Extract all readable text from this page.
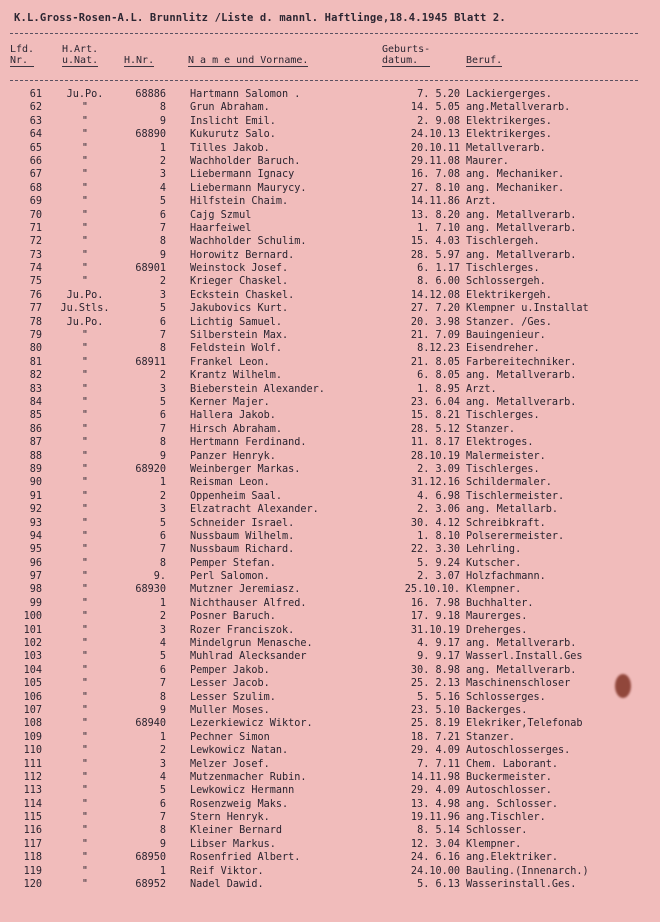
K.L.Gross-Rosen-A.L. Brunnlitz /Liste d. mannl. Haftlinge,18.4.1945 Blatt 2.
Lfd.
Nr.
H.Art.
u.Nat.	H.Nr.	N a m e und Vorname.
Geburts-
datum.	Beruf.
61	Ju.Po.	68886 Hartmann Salomon .	7. 5.20 Lackiergerges.
62	"	8 Grun Abraham.	14. 5.05 ang.Metallverarb.
63	"	9 Inslicht Emil.	2. 9.08 Elektrikerges.
64	"	68890 Kukurutz Salo.	24.10.13 Elektrikerges.
65	"	1 Tilles Jakob.	20.10.11 Metallverarb.
66	"	2 Wachholder Baruch.	29.11.08 Maurer.
67	"	3 Liebermann Ignacy	16. 7.08 ang. Mechaniker.
68	"	4 Liebermann Maurycy.	27. 8.10 ang. Mechaniker.
69	"	5 Hilfstein Chaim.	14.11.86 Arzt.
70	"	6 Cajg Szmul	13. 8.20 ang. Metallverarb.
71	"	7 Haarfeiwel	1. 7.10 ang. Metallverarb.
72	"	8 Wachholder Schulim.	15. 4.03 Tischlergeh.
73	"	9 Horowitz Bernard.	28. 5.97 ang. Metallverarb.
74	"	68901 Weinstock Josef.	6. 1.17 Tischlerges.
75	"	2 Krieger Chaskel.	8. 6.00 Schlossergeh.
76	Ju.Po.	3 Eckstein Chaskel.	14.12.08 Elektrikergeh.
77	Ju.Stls.	5 Jakubovics Kurt.	27. 7.20 Klempner u.Installat
78	Ju.Po.	6 Lichtig Samuel.	20. 3.98 Stanzer. /Ges.
79	"	7 Silberstein Max.	21. 7.09 Bauingenieur.
80	"	8 Feldstein Wolf.	8.12.23 Eisendreher.
81	"	68911 Frankel Leon.	21. 8.05 Farbereitechniker.
82	"	2 Krantz Wilhelm.	6. 8.05 ang. Metallverarb.
83	"	3 Bieberstein Alexander.	1. 8.95 Arzt.
84	"	5 Kerner Majer.	23. 6.04 ang. Metallverarb.
85	"	6 Hallera Jakob.	15. 8.21 Tischlerges.
86	"	7 Hirsch Abraham.	28. 5.12 Stanzer.
87	"	8 Hertmann Ferdinand.	11. 8.17 Elektroges.
88	"	9 Panzer Henryk.	28.10.19 Malermeister.
89	"	68920 Weinberger Markas.	2. 3.09 Tischlerges.
90	"	1 Reisman Leon.	31.12.16 Schildermaler.
91	"	2 Oppenheim Saal.	4. 6.98 Tischlermeister.
92	"	3 Elzatracht Alexander.	2. 3.06 ang. Metallarb.
93	"	5 Schneider Israel.	30. 4.12 Schreibkraft.
94	"	6 Nussbaum Wilhelm.	1. 8.10 Polserermeister.
95	"	7 Nussbaum Richard.	22. 3.30 Lehrling.
96	"	8 Pemper Stefan.	5. 9.24 Kutscher.
97	"	9. Perl Salomon.	2. 3.07 Holzfachmann.
98	"	68930 Mutzner Jeremiasz.	25.10.10. Klempner.
99	"	1 Nichthauser Alfred.	16. 7.98 Buchhalter.
100	"	2 Posner Baruch.	17. 9.18 Maurerges.
101	"	3 Rozer Franciszok.	31.10.19 Dreherges.
102	"	4 Mindelgrun Menasche.	4. 9.17 ang. Metallverarb.
103	"	5 Muhlrad Alecksander	9. 9.17 Wasserl.Install.Ges
104	"	6 Pemper Jakob.	30. 8.98 ang. Metallverarb.
105	"	7 Lesser Jacob.	25. 2.13 Maschinenschloser
106	"	8 Lesser Szulim.	5. 5.16 Schlosserges.
107	"	9 Muller Moses.	23. 5.10 Backerges.
108	"	68940 Lezerkiewicz Wiktor.	25. 8.19 Elekriker,Telefonab
109	"	1 Pechner Simon	18. 7.21 Stanzer.
110	"	2 Lewkowicz Natan.	29. 4.09 Autoschlosserges.
111	"	3 Melzer Josef.	7. 7.11 Chem. Laborant.
112	"	4 Mutzenmacher Rubin.	14.11.98 Buckermeister.
113	"	5 Lewkowicz Hermann	29. 4.09 Autoschlosser.
114	"	6 Rosenzweig Maks.	13. 4.98 ang. Schlosser.
115	"	7 Stern Henryk.	19.11.96 ang.Tischler.
116	"	8 Kleiner Bernard	8. 5.14 Schlosser.
117	"	9 Libser Markus.	12. 3.04 Klempner.
118	"	68950 Rosenfried Albert.	24. 6.16 ang.Elektriker.
119	"	1 Reif Viktor.	24.10.00 Bauling.(Innenarch.)
120	"	68952 Nadel Dawid.	5. 6.13 Wasserinstall.Ges.
